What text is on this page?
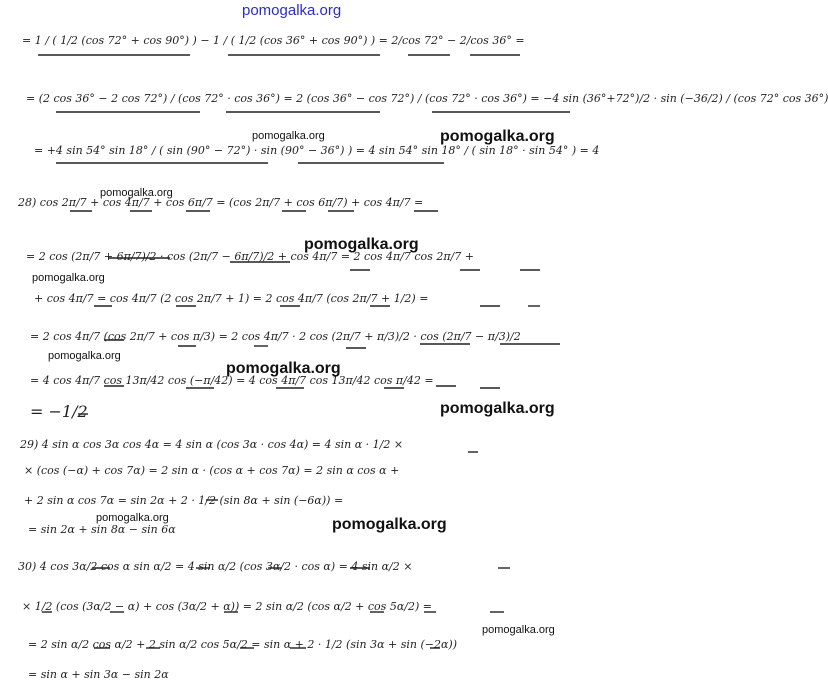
pomogalka.org
= 1 / ( 1/2 (cos 72° + cos 90°) ) − 1 / ( 1/2 (cos 36° + cos 90°) ) = 2/cos 72° − 2/cos 36° =
= (2 cos 36° − 2 cos 72°) / (cos 72° · cos 36°) = 2 (cos 36° − cos 72°) / (cos 72° · cos 36°) = −4 sin (36°+72°)/2 · sin (−36/2) / (cos 72° cos 36°)
= +4 sin 54° sin 18° / ( sin (90° − 72°) · sin (90° − 36°) ) = 4 sin 54° sin 18° / ( sin 18° · sin 54° ) = 4
28) cos 2π/7 + cos 4π/7 + cos 6π/7 = (cos 2π/7 + cos 6π/7) + cos 4π/7 =
= 2 cos (2π/7 + 6π/7)/2 · cos (2π/7 − 6π/7)/2 + cos 4π/7 = 2 cos 4π/7 cos 2π/7 +
+ cos 4π/7 = cos 4π/7 (2 cos 2π/7 + 1) = 2 cos 4π/7 (cos 2π/7 + 1/2) =
= 2 cos 4π/7 (cos 2π/7 + cos π/3) = 2 cos 4π/7 · 2 cos (2π/7 + π/3)/2 · cos (2π/7 − π/3)/2
= 4 cos 4π/7 cos 13π/42 cos (−π/42) = 4 cos 4π/7 cos 13π/42 cos π/42 =
= −1/2
29) 4 sin α cos 3α cos 4α = 4 sin α (cos 3α · cos 4α) = 4 sin α · 1/2 ×
× (cos (−α) + cos 7α) = 2 sin α · (cos α + cos 7α) = 2 sin α cos α +
+ 2 sin α cos 7α = sin 2α + 2 · 1/2 (sin 8α + sin (−6α)) =
= sin 2α + sin 8α − sin 6α
30) 4 cos 3α/2 cos α sin α/2 = 4 sin α/2 (cos 3α/2 · cos α) = 4 sin α/2 ×
× 1/2 (cos (3α/2 − α) + cos (3α/2 + α)) = 2 sin α/2 (cos α/2 + cos 5α/2) =
= 2 sin α/2 cos α/2 + 2 sin α/2 cos 5α/2 = sin α + 2 · 1/2 (sin 3α + sin (−2α))
= sin α + sin 3α − sin 2α
pomogalka.org	pomogalka.org
pomogalka.org
pomogalka.org
pomogalka.org
pomogalka.org
pomogalka.org
pomogalka.org
pomogalka.org	pomogalka.org
pomogalka.org
